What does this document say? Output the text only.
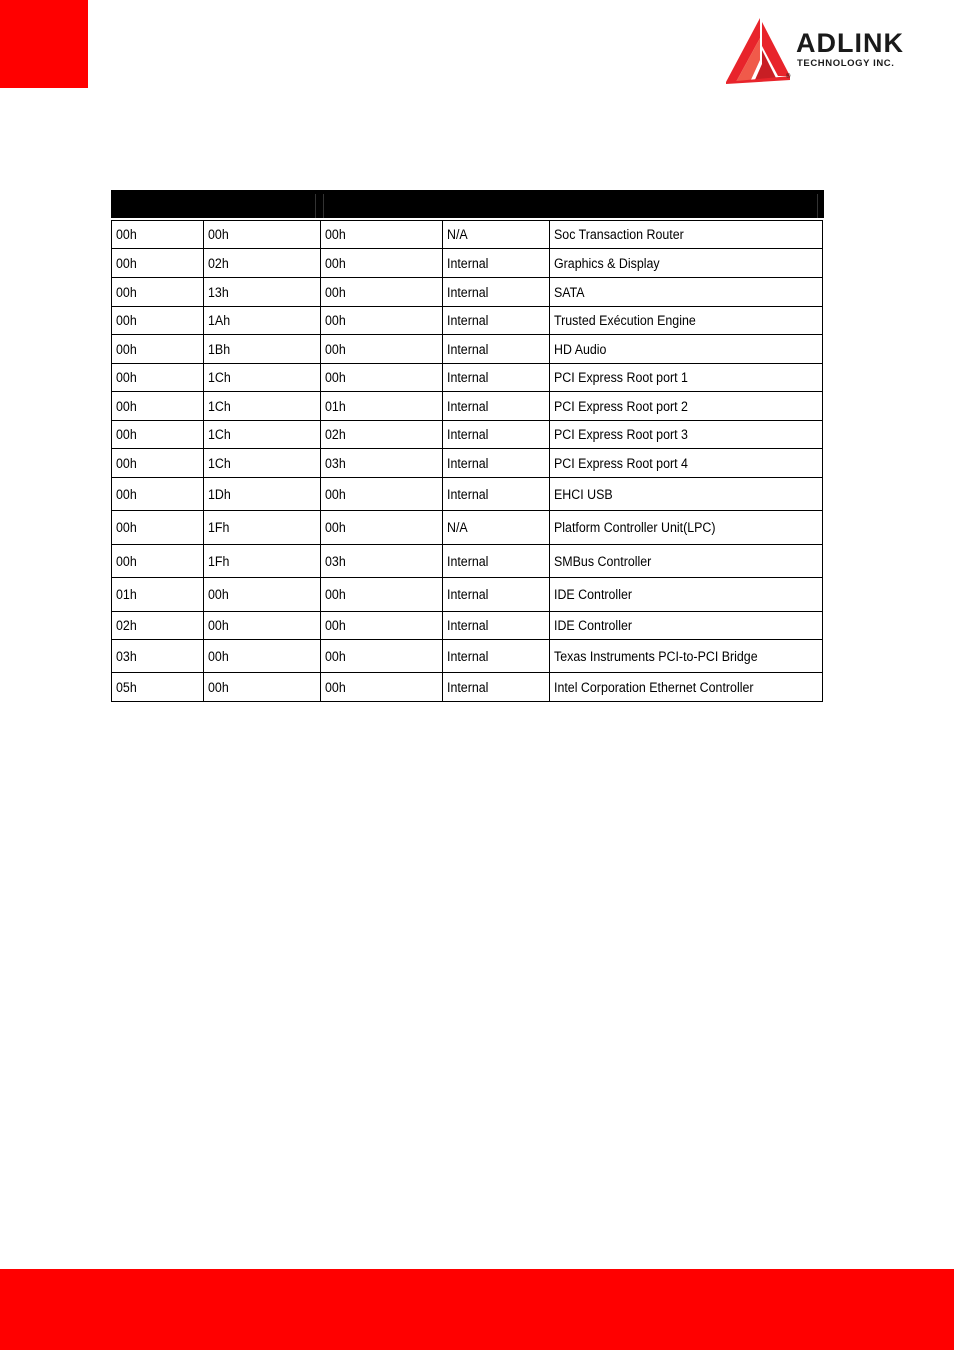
ADLINK
TECHNOLOGY INC.
®
00h	00h	00h	N/A	Soc Transaction Router
00h	02h	00h	Internal	Graphics & Display
00h	13h	00h	Internal	SATA
00h	1Ah	00h	Internal	Trusted Exécution Engine
00h	1Bh	00h	Internal	HD Audio
00h	1Ch	00h	Internal	PCI Express Root port 1
00h	1Ch	01h	Internal	PCI Express Root port 2
00h	1Ch	02h	Internal	PCI Express Root port 3
00h	1Ch	03h	Internal	PCI Express Root port 4
00h	1Dh	00h	Internal	EHCI USB
00h	1Fh	00h	N/A	Platform Controller Unit(LPC)
00h	1Fh	03h	Internal	SMBus Controller
01h	00h	00h	Internal	IDE Controller
02h	00h	00h	Internal	IDE Controller
03h	00h	00h	Internal	Texas Instruments PCI-to-PCI Bridge
05h	00h	00h	Internal	Intel Corporation Ethernet Controller
